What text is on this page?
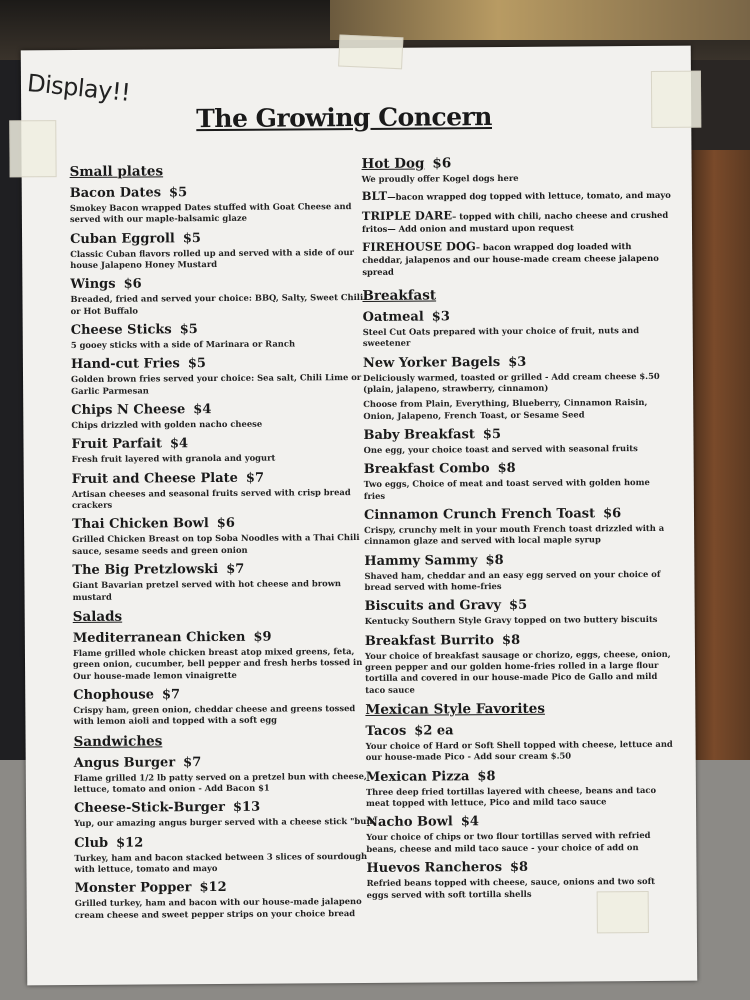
Display!!
The Growing Concern
Small plates
Bacon Dates $5
Smokey Bacon wrapped Dates stuffed with Goat Cheese and served with our maple-balsamic glaze
Cuban Eggroll $5
Classic Cuban flavors rolled up and served with a side of our house Jalapeno Honey Mustard
Wings $6
Breaded, fried and served your choice: BBQ, Salty, Sweet Chili or Hot Buffalo
Cheese Sticks $5
5 gooey sticks with a side of Marinara or Ranch
Hand-cut Fries $5
Golden brown fries served your choice: Sea salt, Chili Lime or Garlic Parmesan
Chips N Cheese $4
Chips drizzled with golden nacho cheese
Fruit Parfait $4
Fresh fruit layered with granola and yogurt
Fruit and Cheese Plate $7
Artisan cheeses and seasonal fruits served with crisp bread crackers
Thai Chicken Bowl $6
Grilled Chicken Breast on top Soba Noodles with a Thai Chili sauce, sesame seeds and green onion
The Big Pretzlowski $7
Giant Bavarian pretzel served with hot cheese and brown mustard
Salads
Mediterranean Chicken $9
Flame grilled whole chicken breast atop mixed greens, feta, green onion, cucumber, bell pepper and fresh herbs tossed in Our house-made lemon vinaigrette
Chophouse $7
Crispy ham, green onion, cheddar cheese and greens tossed with lemon aioli and topped with a soft egg
Sandwiches
Angus Burger $7
Flame grilled 1/2 lb patty served on a pretzel bun with cheese, lettuce, tomato and onion - Add Bacon $1
Cheese-Stick-Burger $13
Yup, our amazing angus burger served with a cheese stick "bun"
Club $12
Turkey, ham and bacon stacked between 3 slices of sourdough with lettuce, tomato and mayo
Monster Popper $12
Grilled turkey, ham and bacon with our house-made jalapeno cream cheese and sweet pepper strips on your choice bread
Hot Dog $6
We proudly offer Kogel dogs here
BLT—bacon wrapped dog topped with lettuce, tomato, and mayo
TRIPLE DARE– topped with chili, nacho cheese and crushed fritos— Add onion and mustard upon request
FIREHOUSE DOG– bacon wrapped dog loaded with cheddar, jalapenos and our house-made cream cheese jalapeno spread
Breakfast
Oatmeal $3
Steel Cut Oats prepared with your choice of fruit, nuts and sweetener
New Yorker Bagels $3
Deliciously warmed, toasted or grilled - Add cream cheese $.50 (plain, jalapeno, strawberry, cinnamon)
Choose from Plain, Everything, Blueberry, Cinnamon Raisin, Onion, Jalapeno, French Toast, or Sesame Seed
Baby Breakfast $5
One egg, your choice toast and served with seasonal fruits
Breakfast Combo $8
Two eggs, Choice of meat and toast served with golden home fries
Cinnamon Crunch French Toast $6
Crispy, crunchy melt in your mouth French toast drizzled with a cinnamon glaze and served with local maple syrup
Hammy Sammy $8
Shaved ham, cheddar and an easy egg served on your choice of bread served with home-fries
Biscuits and Gravy $5
Kentucky Southern Style Gravy topped on two buttery biscuits
Breakfast Burrito $8
Your choice of breakfast sausage or chorizo, eggs, cheese, onion, green pepper and our golden home-fries rolled in a large flour tortilla and covered in our house-made Pico de Gallo and mild taco sauce
Mexican Style Favorites
Tacos $2 ea
Your choice of Hard or Soft Shell topped with cheese, lettuce and our house-made Pico - Add sour cream $.50
Mexican Pizza $8
Three deep fried tortillas layered with cheese, beans and taco meat topped with lettuce, Pico and mild taco sauce
Nacho Bowl $4
Your choice of chips or two flour tortillas served with refried beans, cheese and mild taco sauce - your choice of add on
Huevos Rancheros $8
Refried beans topped with cheese, sauce, onions and two soft eggs served with soft tortilla shells
